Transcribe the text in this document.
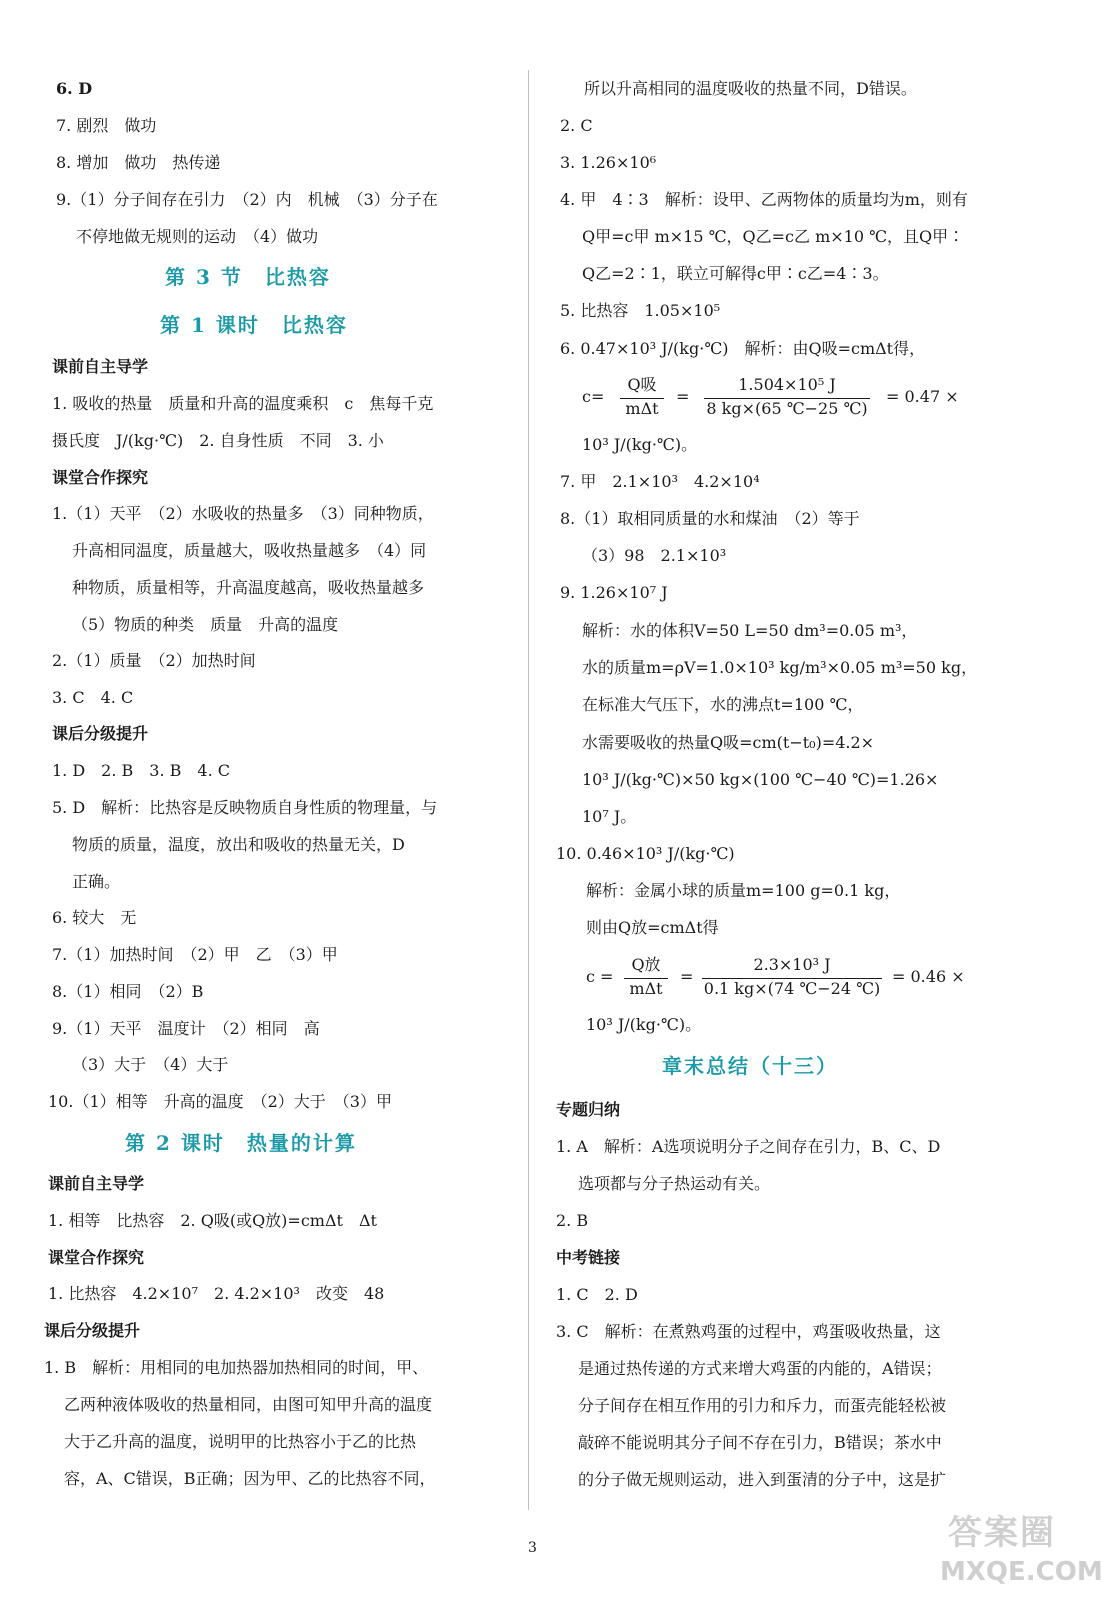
6. D
7. 剧烈　做功
8. 增加　做功　热传递
9.（1）分子间存在引力　（2）内　机械　（3）分子在
不停地做无规则的运动　（4）做功
课前自主导学
1. 吸收的热量　质量和升高的温度乘积　c　焦每千克
摄氏度　J/(kg·℃)　2. 自身性质　不同　3. 小
课堂合作探究
1.（1）天平　（2）水吸收的热量多　（3）同种物质，
升高相同温度，质量越大，吸收热量越多　（4）同
种物质，质量相等，升高温度越高，吸收热量越多
（5）物质的种类　质量　升高的温度
2.（1）质量　（2）加热时间
3. C　4. C
课后分级提升
1. D　2. B　3. B　4. C
5. D　解析：比热容是反映物质自身性质的物理量，与
物质的质量，温度，放出和吸收的热量无关，D
正确。
6. 较大　无
7.（1）加热时间　（2）甲　乙　（3）甲
8.（1）相同　（2）B
9.（1）天平　温度计　（2）相同　高
（3）大于　（4）大于
10.（1）相等　升高的温度　（2）大于　（3）甲
课前自主导学
1. 相等　比热容　2. Q吸(或Q放)=cmΔt　Δt
课堂合作探究
1. 比热容　4.2×10⁷　2. 4.2×10³　改变　48
课后分级提升
1. B　解析：用相同的电加热器加热相同的时间，甲、
乙两种液体吸收的热量相同，由图可知甲升高的温度
大于乙升高的温度，说明甲的比热容小于乙的比热
容，A、C错误，B正确；因为甲、乙的比热容不同，
所以升高相同的温度吸收的热量不同，D错误。
2. C
3. 1.26×10⁶
4. 甲　4∶3　解析：设甲、乙两物体的质量均为m，则有
Q甲=c甲 m×15 ℃，Q乙=c乙 m×10 ℃，且Q甲∶
Q乙=2∶1，联立可解得c甲∶c乙=4∶3。
5. 比热容　1.05×10⁵
6. 0.47×10³ J/(kg·℃)　解析：由Q吸=cmΔt得，
10³ J/(kg·℃)。
7. 甲　2.1×10³　4.2×10⁴
8.（1）取相同质量的水和煤油　（2）等于
（3）98　2.1×10³
9. 1.26×10⁷ J
解析：水的体积V=50 L=50 dm³=0.05 m³，
水的质量m=ρV=1.0×10³ kg/m³×0.05 m³=50 kg，
在标准大气压下，水的沸点t=100 ℃，
水需要吸收的热量Q吸=cm(t−t₀)=4.2×
10³ J/(kg·℃)×50 kg×(100 ℃−40 ℃)=1.26×
10⁷ J。
10. 0.46×10³ J/(kg·℃)
解析：金属小球的质量m=100 g=0.1 kg，
则由Q放=cmΔt得
10³ J/(kg·℃)。
专题归纳
1. A　解析：A选项说明分子之间存在引力，B、C、D
选项都与分子热运动有关。
2. B
中考链接
1. C　2. D
3. C　解析：在煮熟鸡蛋的过程中，鸡蛋吸收热量，这
是通过热传递的方式来增大鸡蛋的内能的，A错误；
分子间存在相互作用的引力和斥力，而蛋壳能轻松被
敲碎不能说明其分子间不存在引力，B错误；茶水中
的分子做无规则运动，进入到蛋清的分子中，这是扩
第 3 节　比热容
第 1 课时　比热容
第 2 课时　热量的计算
章末总结（十三）
c=
Q吸
mΔt
=
1.504×10⁵ J
8 kg×(65 ℃−25 ℃)
= 0.47 ×
c =
Q放
mΔt
=
2.3×10³ J
0.1 kg×(74 ℃−24 ℃)
= 0.46 ×
3	答案圈
MXQE.COM
